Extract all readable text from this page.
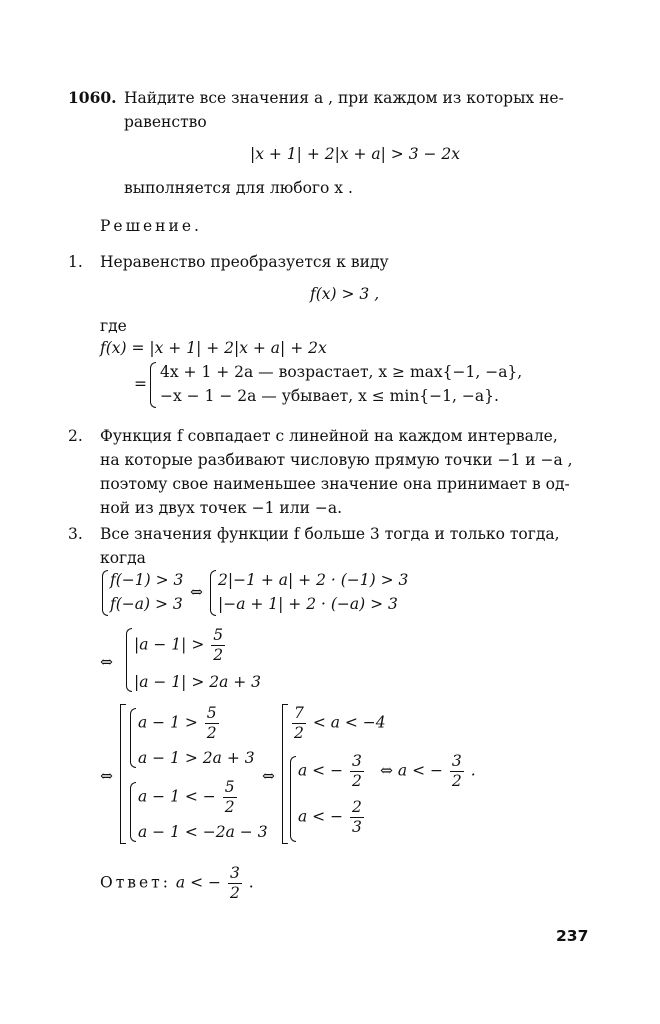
1060. Найдите все значения a , при каждом из которых не-
равенство
|x + 1| + 2|x + a| > 3 − 2x
выполняется для любого x .
Решение.
1. Неравенство преобразуется к виду
f(x) > 3 ,
где
f(x) = |x + 1| + 2|x + a| + 2x
=
4x + 1 + 2a — возрастает, x ≥ max{−1, −a},
−x − 1 − 2a — убывает, x ≤ min{−1, −a}.
2. Функция f совпадает с линейной на каждом интервале,
на которые разбивают числовую прямую точки −1 и −a ,
поэтому свое наименьшее значение она принимает в од-
ной из двух точек −1 или −a.
3. Все значения функции f больше 3 тогда и только тогда,
когда
f(−1) > 3
f(−a) > 3
⇔
2|−1 + a| + 2 · (−1) > 3
|−a + 1| + 2 · (−a) > 3
⇔
$|a - 1| > \frac{5}{2}$
|a − 1| > 2a + 3
⇔
$a - 1 > \frac{5}{2}$
a − 1 > 2a + 3
a − 1 < − $\frac{5}{2}$
a − 1 < −2a − 3
⇔
$\frac{7}{2} < a < -4$
a < − $\frac{3}{2}$
a < − $\frac{2}{3}$
⇔ a < − $\frac{3}{2}$ .
Ответ: a < − $\frac{3}{2}$ .
237
